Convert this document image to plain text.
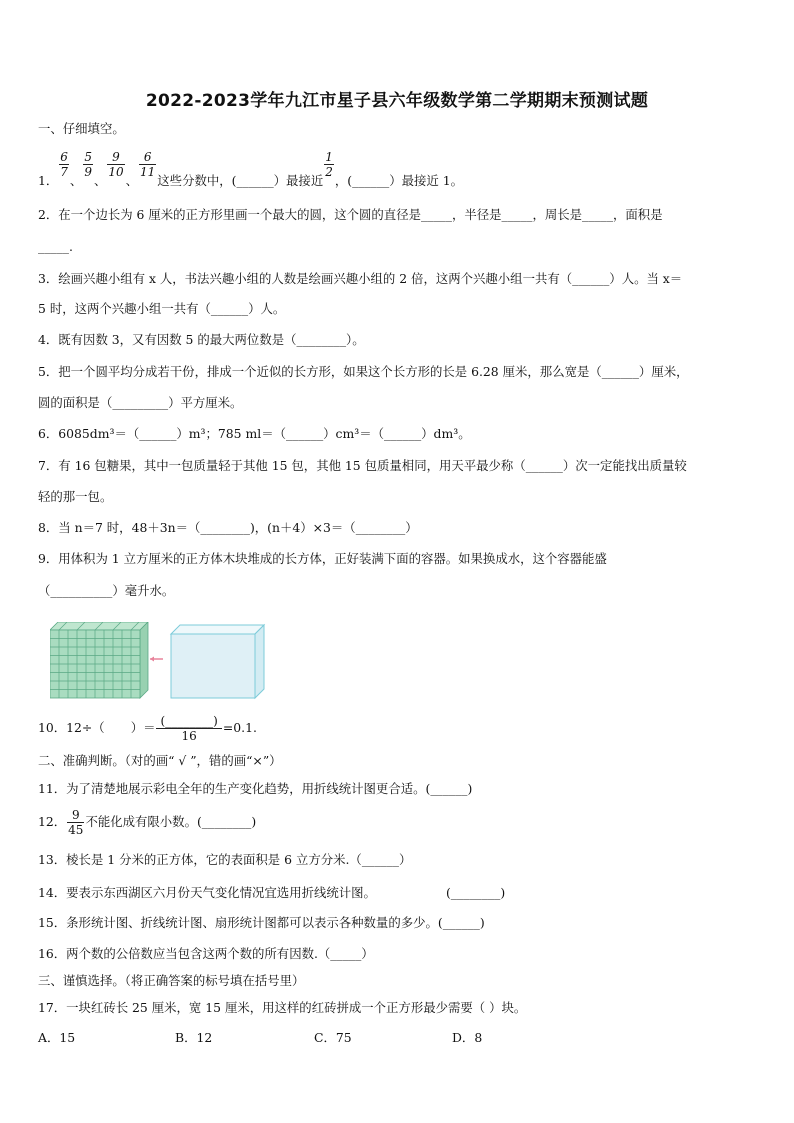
2022-2023学年九江市星子县六年级数学第二学期期末预测试题
一、仔细填空。
1．
$\frac{6}{7}$
、
$\frac{5}{9}$
、
$\frac{9}{10}$
、
$\frac{6}{11}$
这些分数中，(______）最接近
$\frac{1}{2}$
，(______）最接近 1。
2．在一个边长为 6 厘米的正方形里画一个最大的圆，这个圆的直径是_____，半径是_____，周长是_____，面积是
_____.
3．绘画兴趣小组有 x 人，书法兴趣小组的人数是绘画兴趣小组的 2 倍，这两个兴趣小组一共有（______）人。当 x＝
5 时，这两个兴趣小组一共有（______）人。
4．既有因数 3，又有因数 5 的最大两位数是（________）。
5．把一个圆平均分成若干份，排成一个近似的长方形，如果这个长方形的长是 6.28 厘米，那么宽是（______）厘米，
圆的面积是（_________）平方厘米。
6．6085dm³＝（______）m³；785 ml＝（______）cm³＝（______）dm³。
7．有 16 包糖果，其中一包质量轻于其他 15 包，其他 15 包质量相同，用天平最少称（______）次一定能找出质量较
轻的那一包。
8．当 n＝7 时，48＋3n＝（________)，(n＋4）×3＝（________）
9．用体积为 1 立方厘米的正方体木块堆成的长方体，正好装满下面的容器。如果换成水，这个容器能盛
（__________）毫升水。
10．12÷（ ）＝ $\frac{(\_\_\_\_\_\_\_\_)}{16} =0.1$.
二、准确判断。（对的画“ √ ”，错的画“×”）
11．为了清楚地展示彩电全年的生产变化趋势，用折线统计图更合适。(______)
12． $\frac{9}{45}$ 不能化成有限小数。(________)
13．棱长是 1 分米的正方体，它的表面积是 6 立方分米.（______）
14．要表示东西湖区六月份天气变化情况宜选用折线统计图。	(________)
15．条形统计图、折线统计图、扇形统计图都可以表示各种数量的多少。(______)
16．两个数的公倍数应当包含这两个数的所有因数.（_____）
三、谨慎选择。（将正确答案的标号填在括号里）
17．一块红砖长 25 厘米，宽 15 厘米，用这样的红砖拼成一个正方形最少需要（ ）块。
A．15	B．12	C．75	D．8
